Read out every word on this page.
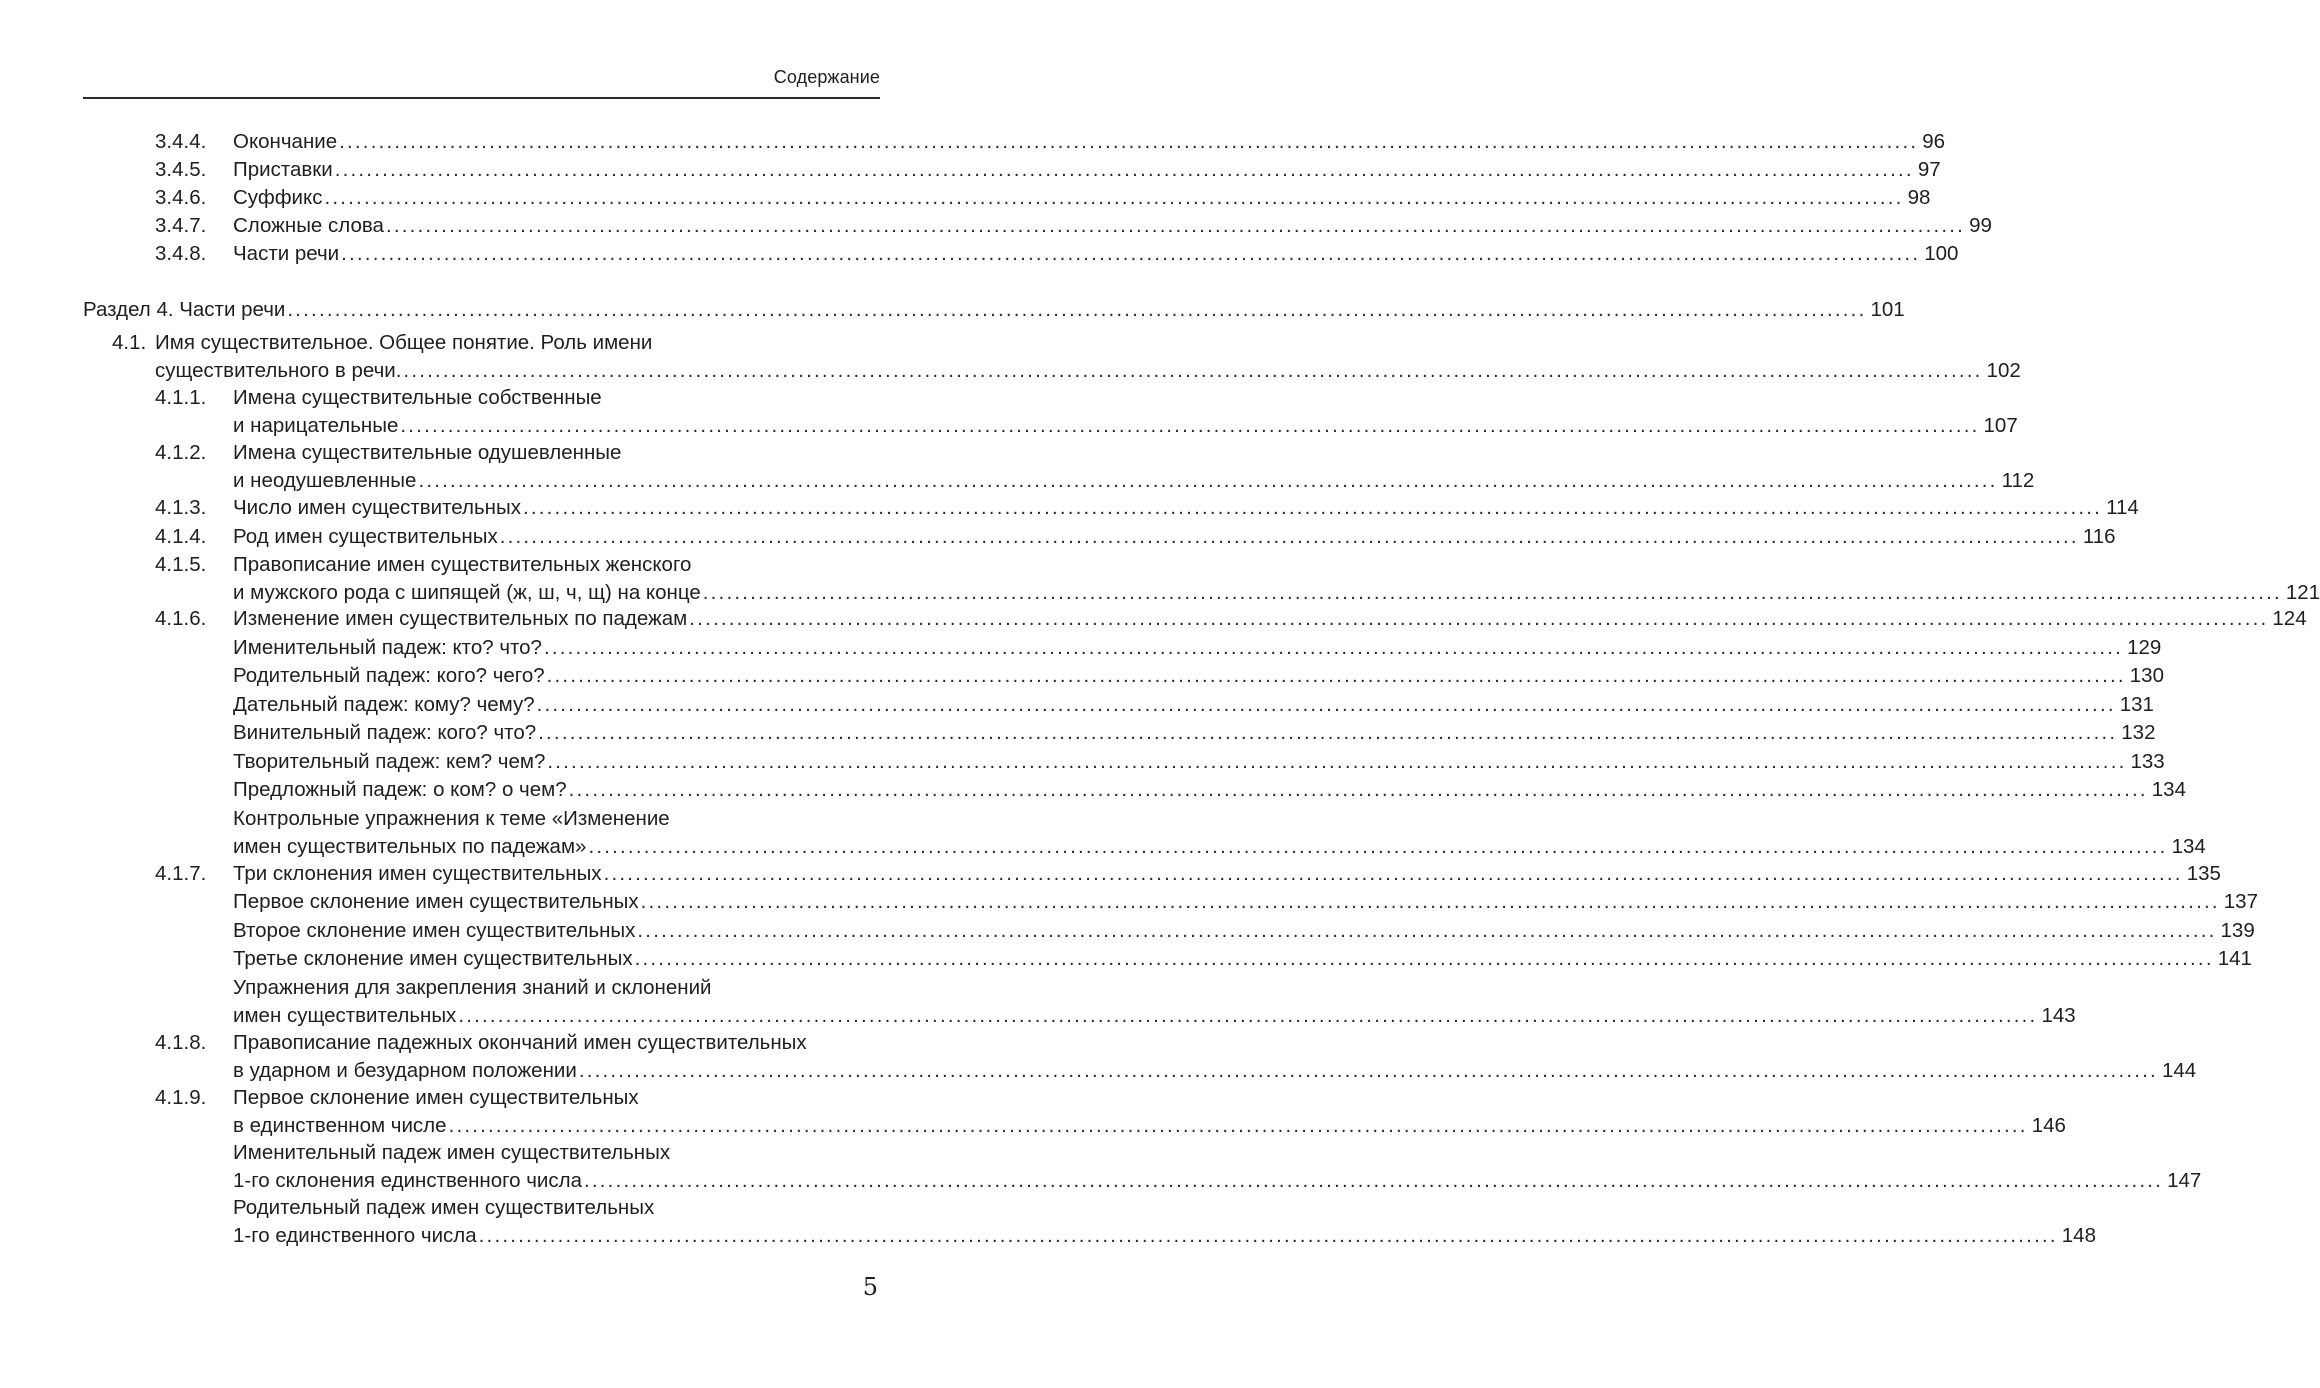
Содержание
3.4.4. Окончание ........................................................................................................................................................................................................ 96
3.4.5. Приставки ........................................................................................................................................................................................................ 97
3.4.6. Суффикс ........................................................................................................................................................................................................ 98
3.4.7. Сложные слова ........................................................................................................................................................................................................ 99
3.4.8. Части речи ........................................................................................................................................................................................................ 100
Раздел 4. Части речи ........................................................................................................................................................................................................ 101
4.1. Имя существительное. Общее понятие. Роль имени
существительного в речи. ........................................................................................................................................................................................................ 102
4.1.1. Имена существительные собственные
и нарицательные ........................................................................................................................................................................................................ 107
4.1.2. Имена существительные одушевленные
и неодушевленные ........................................................................................................................................................................................................ 112
4.1.3. Число имен существительных ........................................................................................................................................................................................................ 114
4.1.4. Род имен существительных ........................................................................................................................................................................................................ 116
4.1.5. Правописание имен существительных женского
и мужского рода с шипящей (ж, ш, ч, щ) на конце ........................................................................................................................................................................................................ 121
4.1.6. Изменение имен существительных по падежам ........................................................................................................................................................................................................ 124
Именительный падеж: кто? что? ........................................................................................................................................................................................................ 129
Родительный падеж: кого? чего? ........................................................................................................................................................................................................ 130
Дательный падеж: кому? чему? ........................................................................................................................................................................................................ 131
Винительный падеж: кого? что? ........................................................................................................................................................................................................ 132
Творительный падеж: кем? чем? ........................................................................................................................................................................................................ 133
Предложный падеж: о ком? о чем? ........................................................................................................................................................................................................ 134
Контрольные упражнения к теме «Изменение
имен существительных по падежам» ........................................................................................................................................................................................................ 134
4.1.7. Три склонения имен существительных ........................................................................................................................................................................................................ 135
Первое склонение имен существительных ........................................................................................................................................................................................................ 137
Второе склонение имен существительных ........................................................................................................................................................................................................ 139
Третье склонение имен существительных ........................................................................................................................................................................................................ 141
Упражнения для закрепления знаний и склонений
имен существительных ........................................................................................................................................................................................................ 143
4.1.8. Правописание падежных окончаний имен существительных
в ударном и безударном положении ........................................................................................................................................................................................................ 144
4.1.9. Первое склонение имен существительных
в единственном числе ........................................................................................................................................................................................................ 146
Именительный падеж имен существительных
1-го склонения единственного числа ........................................................................................................................................................................................................ 147
Родительный падеж имен существительных
1-го единственного числа ........................................................................................................................................................................................................ 148
5
